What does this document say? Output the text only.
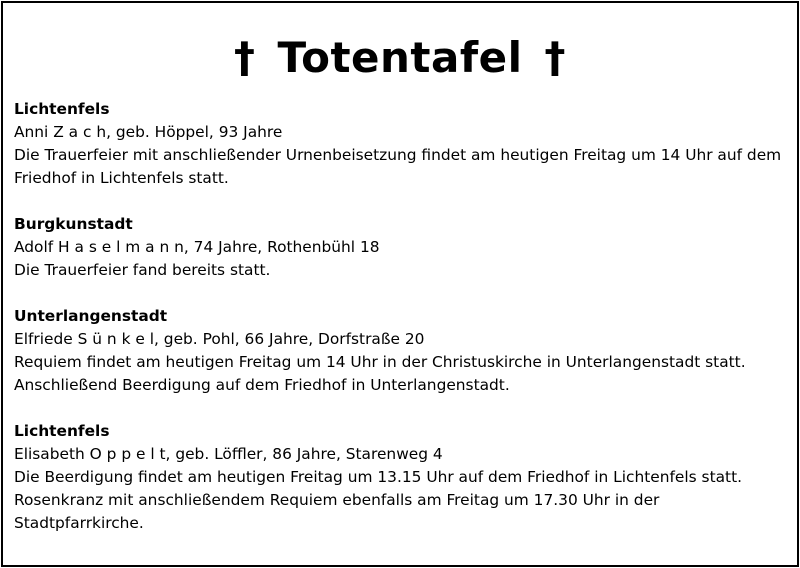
† Totentafel †
Lichtenfels
Anni Z a c h, geb. Höppel, 93 Jahre
Die Trauerfeier mit anschließender Urnenbeisetzung findet am heutigen Freitag um 14 Uhr auf dem Friedhof in Lichtenfels statt.
Burgkunstadt
Adolf H a s e l m a n n, 74 Jahre, Rothenbühl 18
Die Trauerfeier fand bereits statt.
Unterlangenstadt
Elfriede S ü n k e l, geb. Pohl, 66 Jahre, Dorfstraße 20
Requiem findet am heutigen Freitag um 14 Uhr in der Christuskirche in Unterlangenstadt statt. Anschließend Beerdigung auf dem Friedhof in Unterlangenstadt.
Lichtenfels
Elisabeth O p p e l t, geb. Löffler, 86 Jahre, Starenweg 4
Die Beerdigung findet am heutigen Freitag um 13.15 Uhr auf dem Friedhof in Lichtenfels statt. Rosenkranz mit anschließendem Requiem ebenfalls am Freitag um 17.30 Uhr in der Stadtpfarrkirche.
